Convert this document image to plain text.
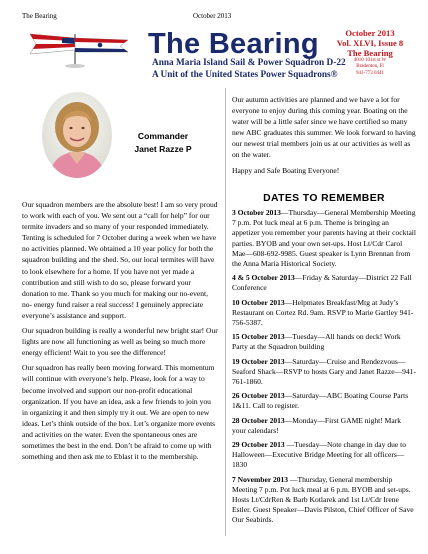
The Bearing	October 2013
The Bearing
Anna Maria Island Sail & Power Squadron D-22
A Unit of the United States Power Squadrons®
October 2013
Vol. XLVI, Issue 8
The Bearing
4010 101st st W
Bradenton, Fl
941-773 0441
Commander
Janet Razze P

Our squadron members are the absolute best! I am so very proud to work with each of you. We sent out a “call for help” for our termite invaders and so many of your responded immediately. Tenting is scheduled for 7 October during a week when we have no activities planned. We obtained a 10 year policy for both the squadron building and the shed. So, our local termites will have to look elsewhere for a home. If you have not yet made a contribution and still wish to do so, please forward your donation to me. Thank so you much for making our no-event, no- energy fund raiser a real success! I genuinely appreciate everyone’s assistance and support.

Our squadron building is really a wonderful new bright star! Our lights are now all functioning as well as being so much more energy efficient! Wait to you see the difference!

Our squadron has really been moving forward. This momentum will continue with everyone’s help. Please, look for a way to become involved and support our non-profit educational organization. If you have an idea, ask a few friends to join you in organizing it and then simply try it out. We are open to new ideas. Let’s think outside of the box. Let’s organize more events and activities on the water. Even the spontaneous ones are sometimes the best in the end. Don’t be afraid to come up with something and then ask me to Eblast it to the membership.

Our autumn activities are planned and we have a lot for everyone to enjoy during this coming year. Boating on the water will be a little safer since we have certified so many new ABC graduates this summer. We look forward to having our newest trial members join us at our activities as well as on the water.

Happy and Safe Boating Everyone!

DATES TO REMEMBER

3 October 2013—Thursday—General Membership Meeting 7 p.m. Pot luck meal at 6 p.m. Theme is bringing an appetizer you remember your parents having at their cocktail parties. BYOB and your own set-ups. Host Lt/Cdr Carol Mae—608-692-9985. Guest speaker is Lynn Brennan from the Anna Maria Historical Society.

4 & 5 October 2013—Friday & Saturday—District 22 Fall Conference

10 October 2013—Helpmates Breakfast/Mtg at Judy’s Restaurant on Cortez Rd. 9am. RSVP to Marie Gartley 941-756-5387.

15 October 2013—Tuesday—All hands on deck! Work Party at the Squadron building

19 October 2013—Saturday—Cruise and Rendezvous—Seaford Shack—RSVP to hosts Gary and Janet Razze—941-761-1860.

26 October 2013—Saturday—ABC Boating Course Parts 1&11. Call to register.

28 October 2013—Monday—First GAME night! Mark your calendars!

29 October 2013 —Tuesday—Note change in day due to Halloween—Executive Bridge Meeting for all officers— 1830

7 November 2013 —Thursday, General membership Meeting 7 p.m. Pot luck meal at 6 p.m. BYOB and set-ups. Hosts Lt/CdrRen & Barb Kotlarek and 1st Lt/Cdr Irene Estler. Guest Speaker—Davis Pilston, Chief Officer of Save Our Seabirds.
